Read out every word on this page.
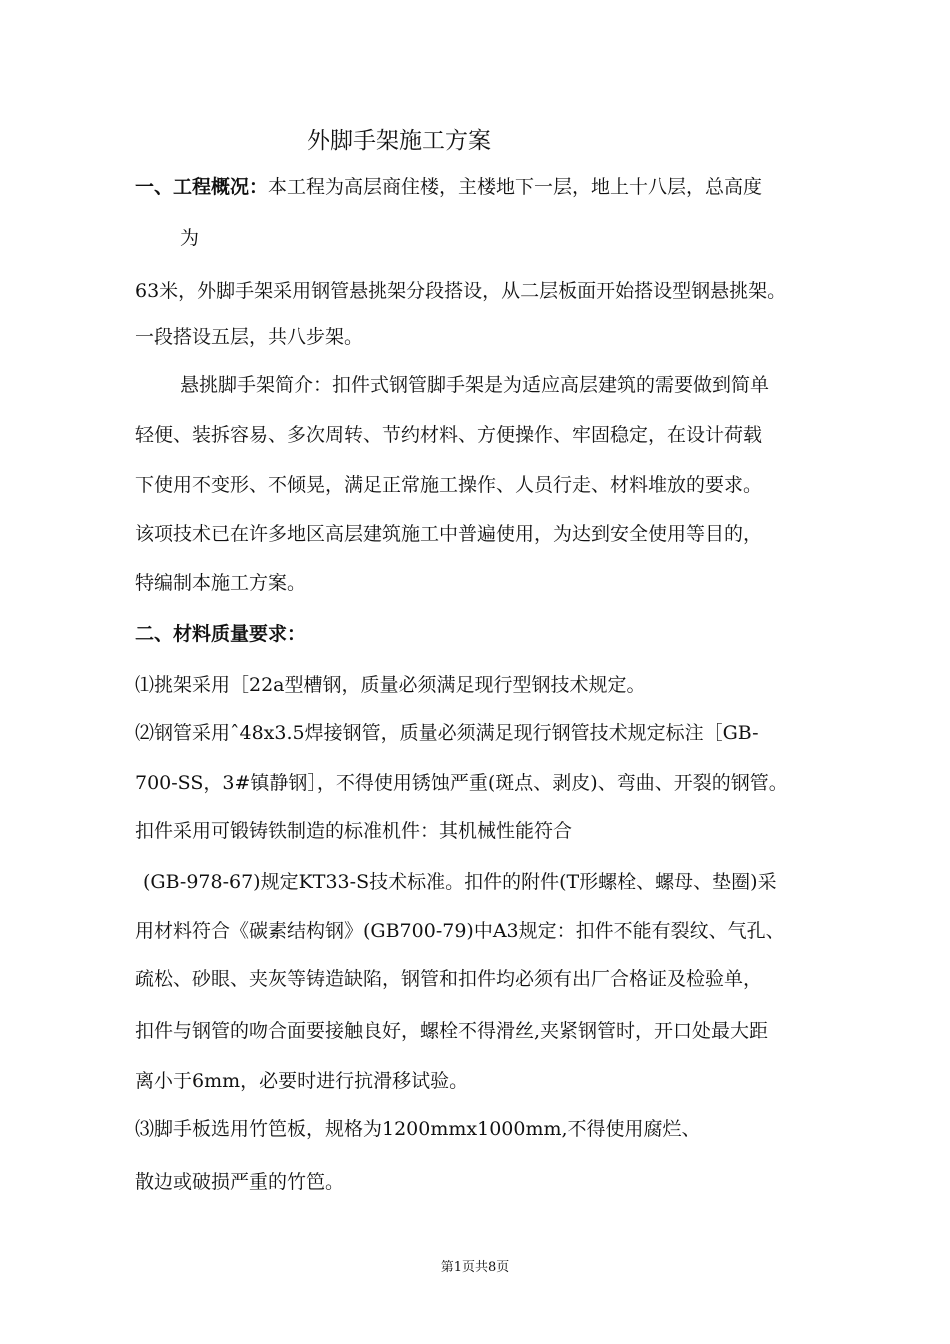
外脚手架施工方案
一、工程概况：本工程为高层商住楼，主楼地下一层，地上十八层，总高度
为
63米，外脚手架采用钢管悬挑架分段搭设，从二层板面开始搭设型钢悬挑架。
一段搭设五层，共八步架。
悬挑脚手架简介：扣件式钢管脚手架是为适应高层建筑的需要做到简单
轻便、装拆容易、多次周转、节约材料、方便操作、牢固稳定，在设计荷载
下使用不变形、不倾晃，满足正常施工操作、人员行走、材料堆放的要求。
该项技术已在许多地区高层建筑施工中普遍使用，为达到安全使用等目的，
特编制本施工方案。
二、材料质量要求：
⑴挑架采用［22a型槽钢，质量必须满足现行型钢技术规定。
⑵钢管采用ˆ48x3.5焊接钢管，质量必须满足现行钢管技术规定标注［GB-
700-SS，3#镇静钢］，不得使用锈蚀严重(斑点、剥皮)、弯曲、开裂的钢管。
扣件采用可锻铸铁制造的标准机件：其机械性能符合
(GB-978-67)规定KT33-S技术标准。扣件的附件(T形螺栓、螺母、垫圈)采
用材料符合《碳素结构钢》(GB700-79)中A3规定：扣件不能有裂纹、气孔、
疏松、砂眼、夹灰等铸造缺陷，钢管和扣件均必须有出厂合格证及检验单，
扣件与钢管的吻合面要接触良好，螺栓不得滑丝,夹紧钢管时，开口处最大距
离小于6mm，必要时进行抗滑移试验。
⑶脚手板选用竹笆板，规格为1200mmx1000mm,不得使用腐烂、
散边或破损严重的竹笆。
第1页共8页
